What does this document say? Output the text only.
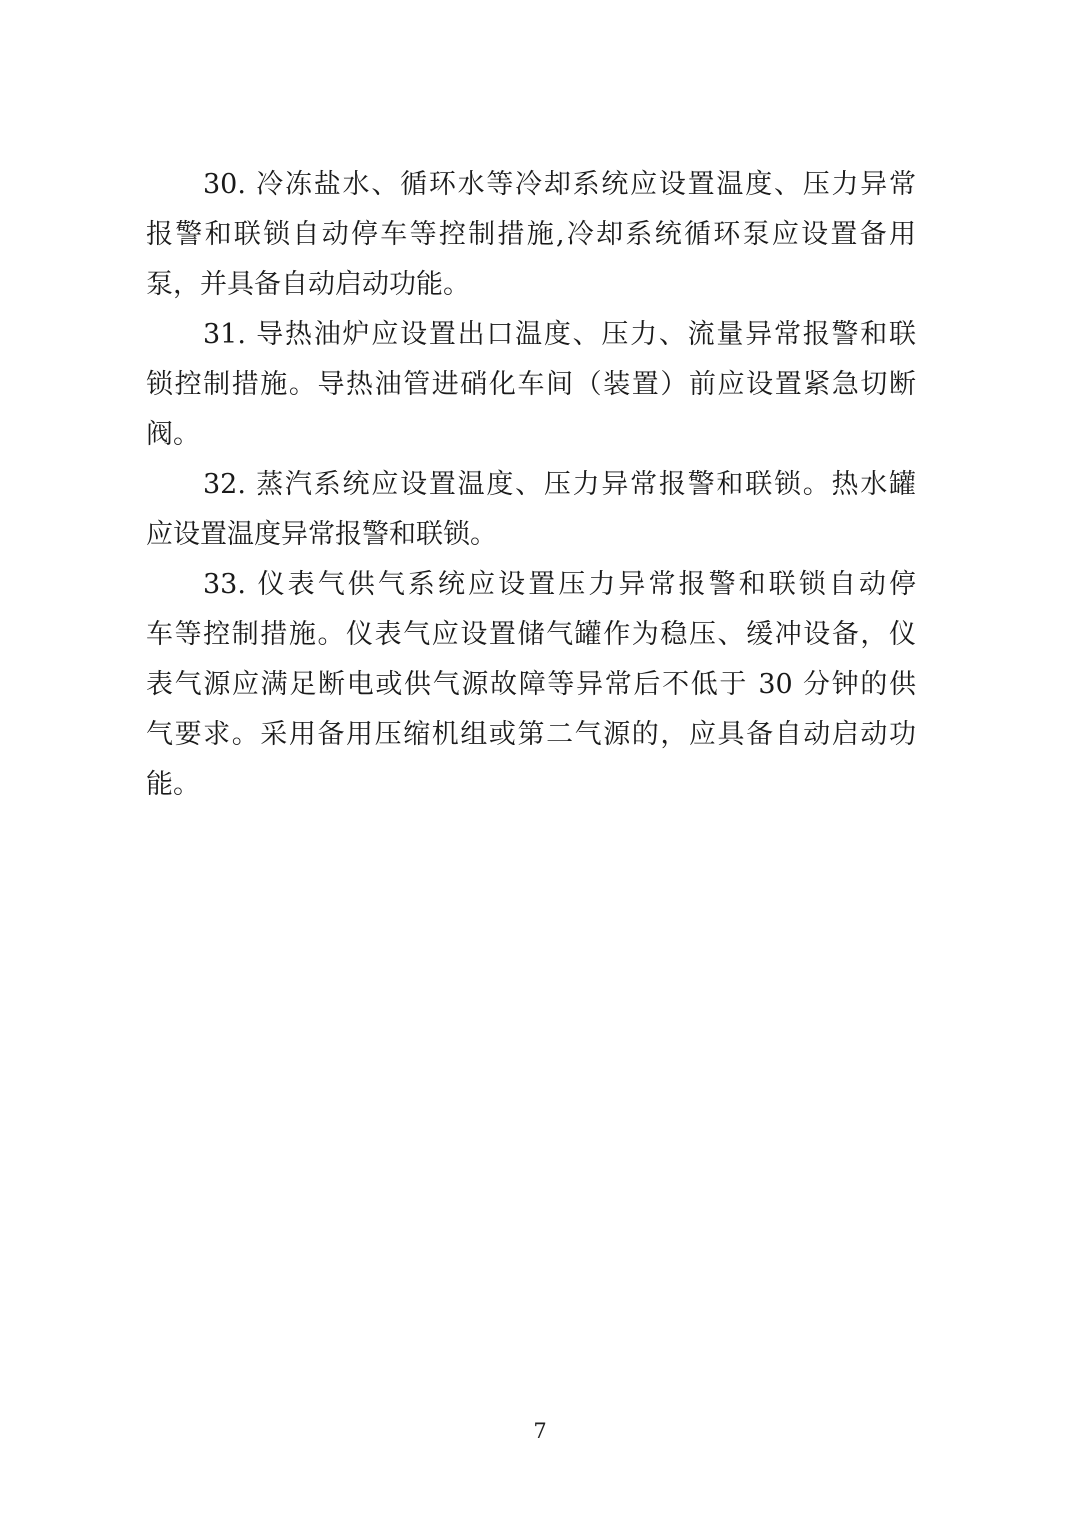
30. 冷冻盐水、循环水等冷却系统应设置温度、压力异常
报警和联锁自动停车等控制措施,冷却系统循环泵应设置备用
泵，并具备自动启动功能。
31. 导热油炉应设置出口温度、压力、流量异常报警和联
锁控制措施。导热油管进硝化车间（装置）前应设置紧急切断
阀。
32. 蒸汽系统应设置温度、压力异常报警和联锁。热水罐
应设置温度异常报警和联锁。
33. 仪表气供气系统应设置压力异常报警和联锁自动停
车等控制措施。仪表气应设置储气罐作为稳压、缓冲设备，仪
表气源应满足断电或供气源故障等异常后不低于 30 分钟的供
气要求。采用备用压缩机组或第二气源的，应具备自动启动功
能。
7
